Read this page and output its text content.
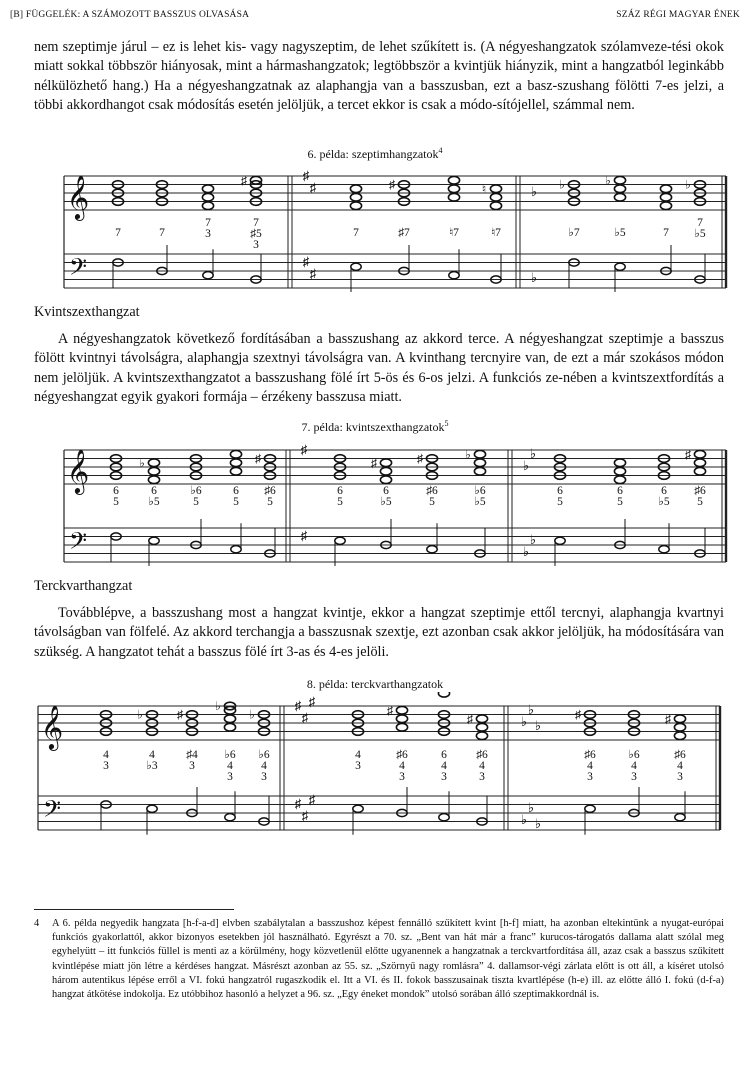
[B] FÜGGELÉK: A SZÁMOZOTT BASSZUS OLVASÁSA	SZÁZ RÉGI MAGYAR ÉNEK

nem szeptimje járul – ez is lehet kis- vagy nagyszeptim, de lehet szűkített is. (A négyeshangzatok szólamveze-tési okok miatt sokkal többször hiányosak, mint a hármashangzatok; legtöbbször a kvintjük hiányzik, mint a hangzatból leginkább nélkülözhető hang.) Ha a négyeshangzatnak az alaphangja van a basszusban, ezt a basz-szushang fölötti 7-es jelzi, a többi akkordhangot csak módosítás esetén jelöljük, a tercet ekkor is csak a módo-sítójellel, számmal nem.

6. példa: szeptimhangzatok$^4$
𝄞
𝄢
♯
♯
♯
♯
♭
♭
7	7
7
3
♯
7
♯5
3
7
♯
♯7	♮7
♮
♮7
♭
♭7
♭
♭5	7
♭
7
♭5
Kvintszexthangzat

A négyeshangzatok következő fordításában a basszushang az akkord terce. A négyeshangzat szeptimje a basszus fölött kvintnyi távolságra, alaphangja szextnyi távolságra van. A kvinthang tercnyire van, de ezt a már szokásos módon nem jelöljük. A kvintszexthangzatot a basszushang fölé írt 5-ös és 6-os jelzi. A funkciós ze-nében a kvintszextfordítás a négyeshangzat egyik gyakori formája – érzékeny basszusa miatt.

7. példa: kvintszexthangzatok$^5$
𝄞
𝄢
♯
♯
♭
♭
♭
♭
6
5
♭
6
♭5
♭6
5
6
5
♯
♯6
5
6
5
♯
6
♭5
♯
♯6
5
♭
♭6
♭5
6
5
6
5
6
♭5
♯
♯6
5
Terckvarthangzat

Továbblépve, a basszushang most a hangzat kvintje, ekkor a hangzat szeptimje ettől tercnyi, alaphangja kvartnyi távolságban van fölfelé. Az akkord terchangja a basszusnak szextje, ezt azonban csak akkor jelöljük, ha módosítására van szükség. A hangzatot tehát a basszus fölé írt 3-as és 4-es jelöli.

8. példa: terckvarthangzatok
𝄞
𝄢
♯
♯
♯
♯
♯
♯
♭
♭
♭
♭
♭
♭
4
3
♭
4
♭3
♯
♯4
3
♭
♭6
4
3
♭
♭6
4
3
4
3
♯
♯6
4
3
6
4
3
♯
♯6
4
3
♯
♯6
4
3
♭6
4
3
♯
♯6
4
3
4 A 6. példa negyedik hangzata [h-f-a-d] elvben szabálytalan a basszushoz képest fennálló szűkített kvint [h-f] miatt, ha azonban eltekintünk a nyugat-európai funkciós gyakorlattól, akkor bizonyos esetekben jól használható. Egyrészt a 70. sz. „Bent van hát már a franc” kurucos-tárogatós dallama alatt szólal meg egyhelyütt – itt funkciós füllel is menti az a körülmény, hogy közvetlenül előtte ugyanennek a hangzatnak a terckvartfordítása áll, azaz csak a basszus szűkített kvintlépése miatt jön létre a kérdéses hangzat. Másrészt azonban az 55. sz. „Szörnyű nagy romlásra” 4. dallamsor-végi zárlata előtt is ott áll, a kíséret utolsó három autentikus lépése erről a VI. fokú hangzatról rugaszkodik el. Itt a VI. és II. fokok basszusainak tiszta kvartlépése (h-e) ill. az előtte álló I. fokú (d-f-a) hangzat átkötése indokolja. Ez utóbbihoz hasonló a helyzet a 96. sz. „Egy éneket mondok” utolsó sorában álló szeptimakkordnál is.
